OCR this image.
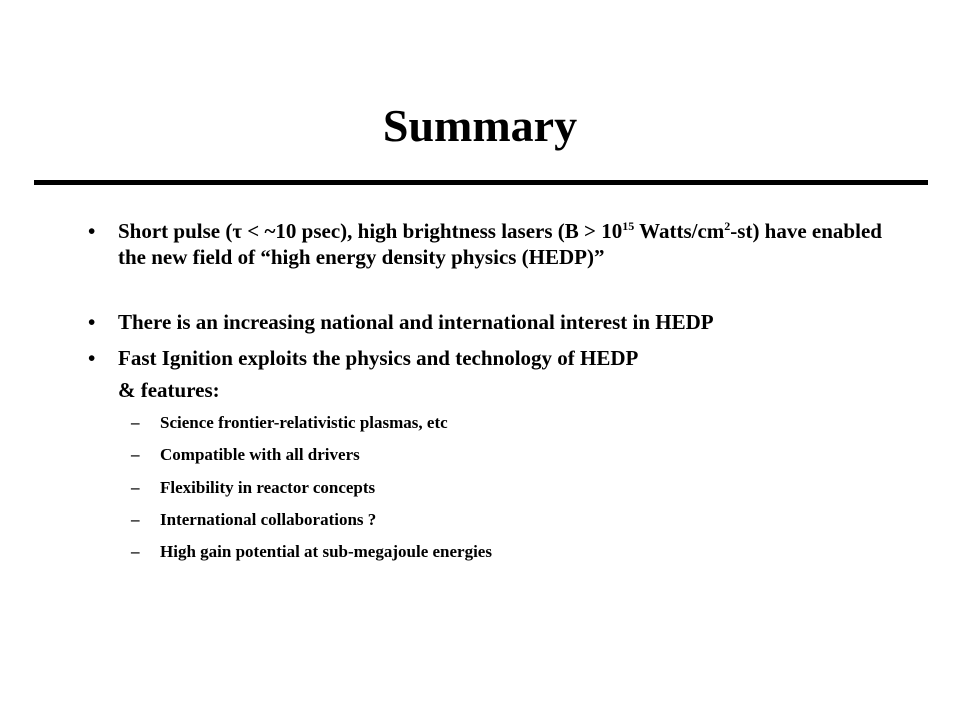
Summary
• Short pulse (τ < ~10 psec), high brightness lasers ($B > 10^{15}$ Watts/$cm^2-st$) have enabled the new field of “high energy density physics (HEDP)”
• There is an increasing national and international interest in HEDP
• Fast Ignition exploits the physics and technology of HEDP
& features:
– Science frontier-relativistic plasmas, etc
– Compatible with all drivers
– Flexibility in reactor concepts
– International collaborations ?
– High gain potential at sub-megajoule energies
